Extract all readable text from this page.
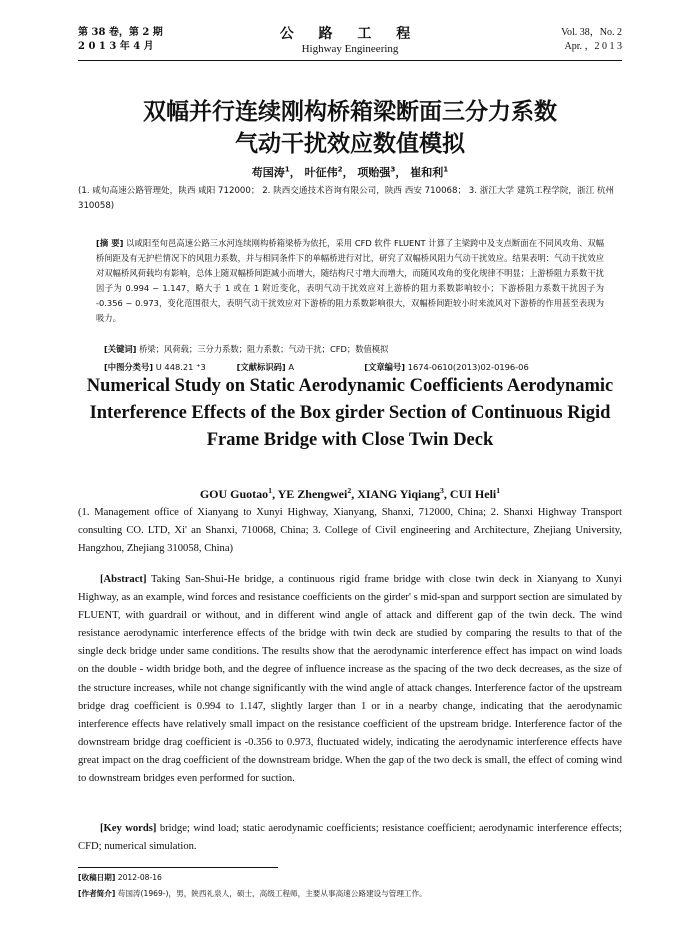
第 38 卷，第 2 期
2 0 1 3 年 4 月
公 路 工 程
Highway Engineering
Vol. 38，No. 2
Apr. ，2 0 1 3
双幅并行连续刚构桥箱梁断面三分力系数
气动干扰效应数值模拟
苟国涛$^1$， 叶征伟$^2$， 项贻强$^3$， 崔和利$^1$
(1. 咸旬高速公路管理处，陕西 咸阳 712000； 2. 陕西交通技术咨询有限公司，陕西 西安 710068； 3. 浙江大学 建筑工程学院，浙江 杭州 310058)
[摘 要] 以咸阳至旬邑高速公路三水河连续刚构桥箱梁桥为依托，采用 CFD 软件 FLUENT 计算了主梁跨中及支点断面在不同风攻角、双幅桥间距及有无护栏情况下的风阻力系数，并与相同条件下的单幅桥进行对比，研究了双幅桥风阻力气动干扰效应。结果表明：气动干扰效应对双幅桥风荷载均有影响，总体上随双幅桥间距减小而增大，随结构尺寸增大而增大，而随风攻角的变化规律不明显；上游桥阻力系数干扰因子为 0.994 ~ 1.147，略大于 1 或在 1 附近变化，表明气动干扰效应对上游桥的阻力系数影响较小；下游桥阻力系数干扰因子为 -0.356 ~ 0.973，变化范围很大，表明气动干扰效应对下游桥的阻力系数影响很大，双幅桥间距较小时来流风对下游桥的作用甚至表现为吸力。
[关键词] 桥梁；风荷载；三分力系数；阻力系数；气动干扰；CFD；数值模拟
[中图分类号] U 448.21 ⁺3	[文献标识码] A	[文章编号] 1674-0610(2013)02-0196-06
Numerical Study on Static Aerodynamic Coefficients Aerodynamic
Interference Effects of the Box girder Section of Continuous Rigid
Frame Bridge with Close Twin Deck
GOU Guotao$^1$, YE Zhengwei$^2$, XIANG Yiqiang$^3$, CUI Heli$^1$
(1. Management office of Xianyang to Xunyi Highway, Xianyang, Shanxi, 712000, China; 2. Shanxi Highway Transport consulting CO. LTD, Xi' an Shanxi, 710068, China; 3. College of Civil engineering and Architecture, Zhejiang University, Hangzhou, Zhejiang 310058, China)
[Abstract] Taking San-Shui-He bridge, a continuous rigid frame bridge with close twin deck in Xianyang to Xunyi Highway, as an example, wind forces and resistance coefficients on the girder' s mid-span and surpport section are simulated by FLUENT, with guardrail or without, and in different wind angle of attack and different gap of the twin deck. The wind resistance aerodynamic interference effects of the bridge with twin deck are studied by comparing the results to that of the single deck bridge under same conditions. The results show that the aerodynamic interference effect has impact on wind loads on the double - width bridge both, and the degree of influence increase as the spacing of the two deck decreases, as the size of the structure increases, while not change significantly with the wind angle of attack changes. Interference factor of the upstream bridge drag coefficient is 0.994 to 1.147, slightly larger than 1 or in a nearby change, indicating that the aerodynamic interference effects have relatively small impact on the resistance coefficient of the upstream bridge. Interference factor of the downstream bridge drag coefficient is -0.356 to 0.973, fluctuated widely, indicating the aerodynamic interference effects have great impact on the drag coefficient of the downstream bridge. When the gap of the two deck is small, the effect of coming wind to downstream bridges even performed for suction.
[Key words] bridge; wind load; static aerodynamic coefficients; resistance coefficient; aerodynamic interference effects; CFD; numerical simulation.
[收稿日期] 2012-08-16
[作者简介] 苟国涛(1969-)，男，陕西礼泉人，硕士，高级工程师，主要从事高速公路建设与管理工作。
